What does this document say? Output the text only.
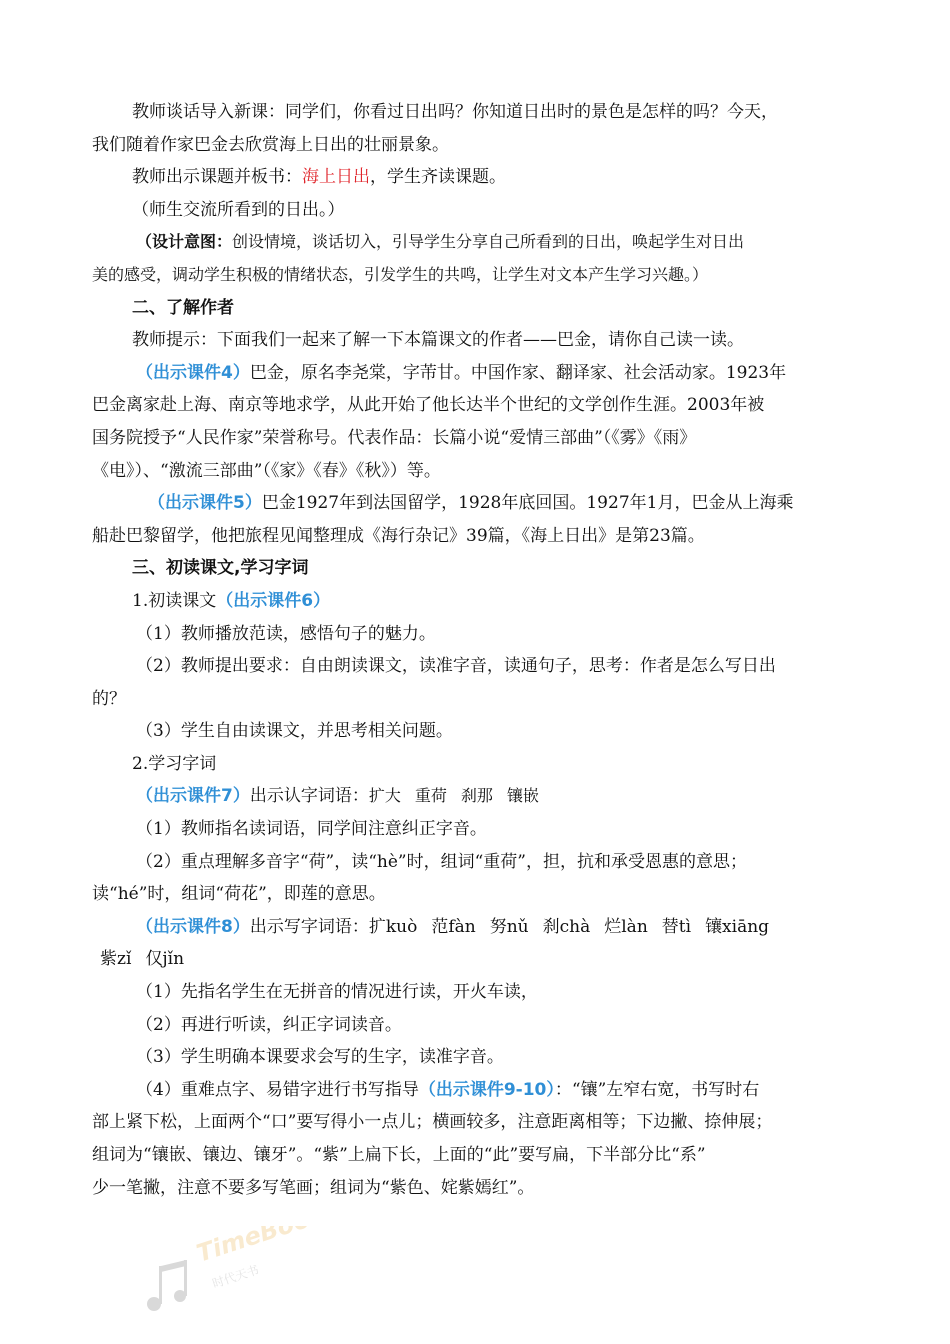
教师谈话导入新课：同学们，你看过日出吗？你知道日出时的景色是怎样的吗？今天，

我们随着作家巴金去欣赏海上日出的壮丽景象。

教师出示课题并板书：海上日出，学生齐读课题。

（师生交流所看到的日出。）

（设计意图：创设情境，谈话切入，引导学生分享自己所看到的日出，唤起学生对日出

美的感受，调动学生积极的情绪状态，引发学生的共鸣，让学生对文本产生学习兴趣。）

二、了解作者

教师提示：下面我们一起来了解一下本篇课文的作者——巴金，请你自己读一读。

（出示课件4）巴金，原名李尧棠，字芾甘。中国作家、翻译家、社会活动家。1923年

巴金离家赴上海、南京等地求学，从此开始了他长达半个世纪的文学创作生涯。2003年被

国务院授予“人民作家”荣誉称号。代表作品：长篇小说“爱情三部曲”（《雾》《雨》

《电》）、“激流三部曲”（《家》《春》《秋》）等。

（出示课件5）巴金1927年到法国留学，1928年底回国。1927年1月，巴金从上海乘

船赴巴黎留学，他把旅程见闻整理成《海行杂记》39篇，《海上日出》是第23篇。

三、初读课文,学习字词

1.初读课文（出示课件6）

（1）教师播放范读，感悟句子的魅力。

（2）教师提出要求：自由朗读课文，读准字音，读通句子，思考：作者是怎么写日出

的？

（3）学生自由读课文，并思考相关问题。

2.学习字词

（出示课件7）出示认字词语：扩大 重荷 刹那 镶嵌

（1）教师指名读词语，同学间注意纠正字音。

（2）重点理解多音字“荷”，读“hè”时，组词“重荷”，担，抗和承受恩惠的意思；

读“hé”时，组词“荷花”，即莲的意思。

（出示课件8）出示写字词语：扩kuò 范fàn 努nǔ 刹chà 烂làn 替tì 镶xiāng

紫zǐ 仅jǐn

（1）先指名学生在无拼音的情况进行读，开火车读，

（2）再进行听读，纠正字词读音。

（3）学生明确本课要求会写的生字，读准字音。

（4）重难点字、易错字进行书写指导（出示课件9-10）：“镶”左窄右宽，书写时右

部上紧下松，上面两个“口”要写得小一点儿；横画较多，注意距离相等；下边撇、捺伸展；

组词为“镶嵌、镶边、镶牙”。“紫”上扁下长，上面的“此”要写扁，下半部分比“系”

少一笔撇，注意不要多写笔画；组词为“紫色、姹紫嫣红”。

TimeBook
时代天书
